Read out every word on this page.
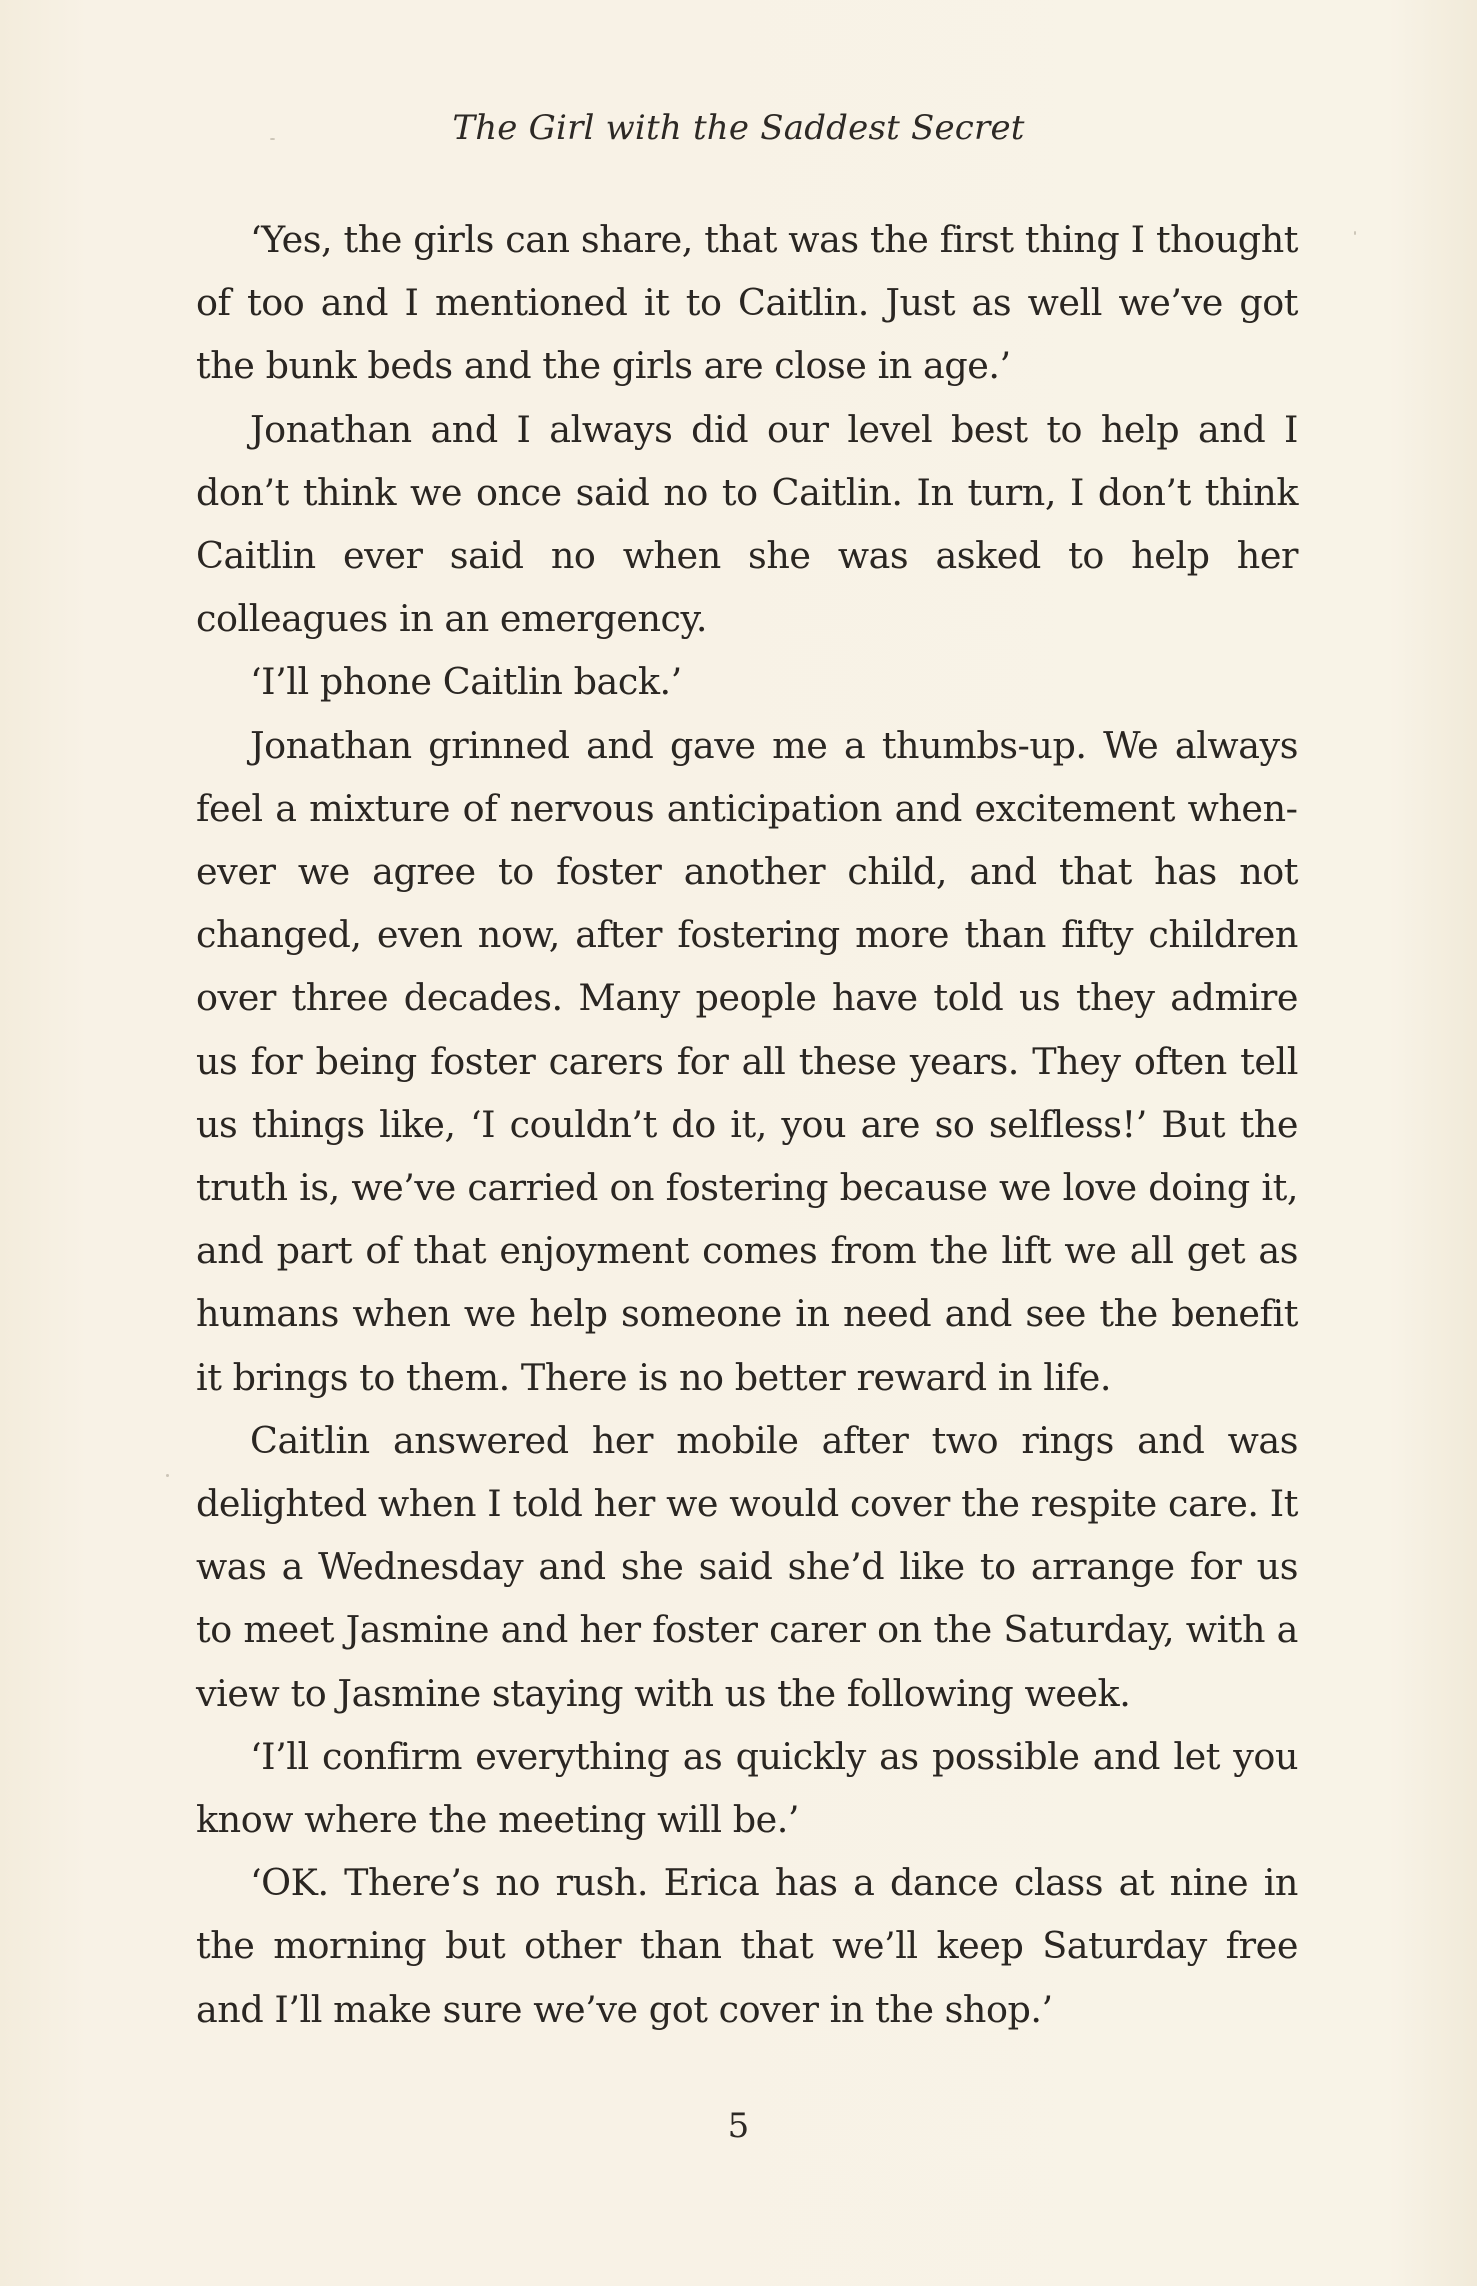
The Girl with the Saddest Secret

‘Yes, the girls can share, that was the first thing I thought of too and I mentioned it to Caitlin. Just as well we’ve got the bunk beds and the girls are close in age.’

Jonathan and I always did our level best to help and I don’t think we once said no to Caitlin. In turn, I don’t think Caitlin ever said no when she was asked to help her colleagues in an emergency.

‘I’ll phone Caitlin back.’

Jonathan grinned and gave me a thumbs-up. We always feel a mixture of nervous anticipation and excitement whenever we agree to foster another child, and that has not changed, even now, after fostering more than fifty children over three decades. Many people have told us they admire us for being foster carers for all these years. They often tell us things like, ‘I couldn’t do it, you are so selfless!’ But the truth is, we’ve carried on fostering because we love doing it, and part of that enjoyment comes from the lift we all get as humans when we help someone in need and see the benefit it brings to them. There is no better reward in life.

Caitlin answered her mobile after two rings and was delighted when I told her we would cover the respite care. It was a Wednesday and she said she’d like to arrange for us to meet Jasmine and her foster carer on the Saturday, with a view to Jasmine staying with us the following week.

‘I’ll confirm everything as quickly as possible and let you know where the meeting will be.’

‘OK. There’s no rush. Erica has a dance class at nine in the morning but other than that we’ll keep Saturday free and I’ll make sure we’ve got cover in the shop.’

5
